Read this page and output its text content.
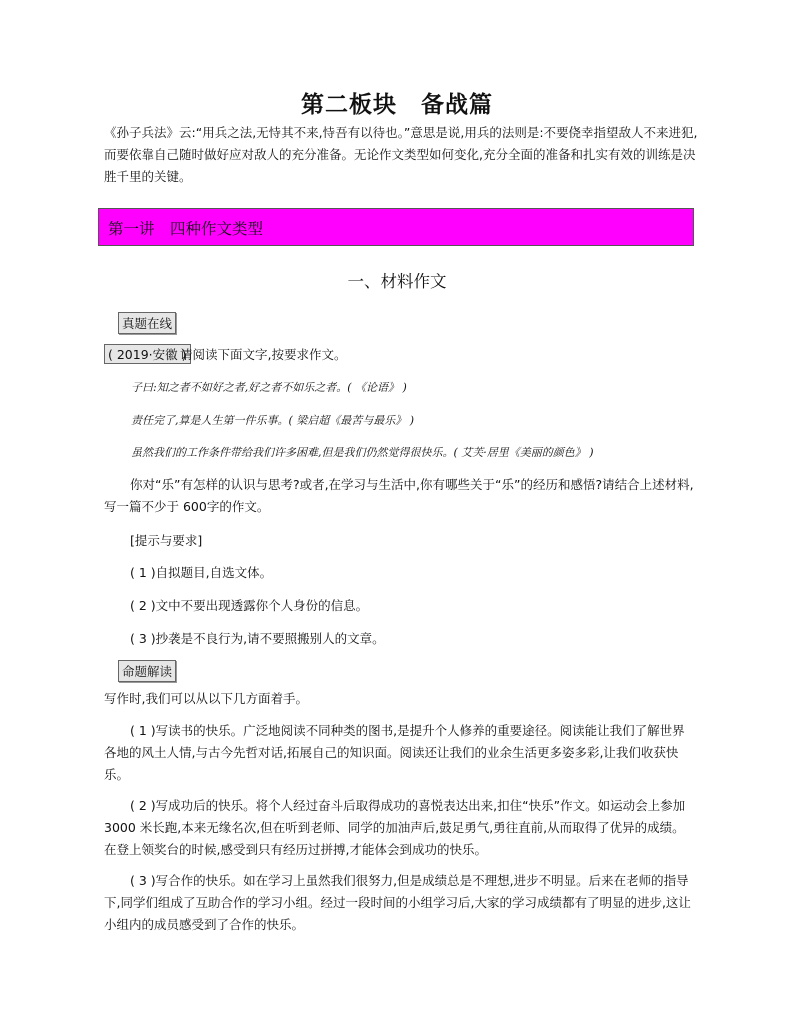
第二板块　备战篇
《孙子兵法》云:“用兵之法,无恃其不来,恃吾有以待也。”意思是说,用兵的法则是:不要侥幸指望敌人不来进犯,而要依靠自己随时做好应对敌人的充分准备。无论作文类型如何变化,充分全面的准备和扎实有效的训练是决胜千里的关键。
第一讲　四种作文类型
一、材料作文
真题在线
( 2019·安徽 )
请阅读下面文字,按要求作文。
子曰:知之者不如好之者,好之者不如乐之者。( 《论语》 )
责任完了,算是人生第一件乐事。( 梁启超《最苦与最乐》 )
虽然我们的工作条件带给我们许多困难,但是我们仍然觉得很快乐。( 艾芙·居里《美丽的颜色》 )
你对“乐”有怎样的认识与思考?或者,在学习与生活中,你有哪些关于“乐”的经历和感悟?请结合上述材料,写一篇不少于 600字的作文。
[提示与要求]
( 1 )自拟题目,自选文体。
( 2 )文中不要出现透露你个人身份的信息。
( 3 )抄袭是不良行为,请不要照搬别人的文章。
命题解读
写作时,我们可以从以下几方面着手。
( 1 )写读书的快乐。广泛地阅读不同种类的图书,是提升个人修养的重要途径。阅读能让我们了解世界各地的风土人情,与古今先哲对话,拓展自己的知识面。阅读还让我们的业余生活更多姿多彩,让我们收获快乐。
( 2 )写成功后的快乐。将个人经过奋斗后取得成功的喜悦表达出来,扣住“快乐”作文。如运动会上参加3000 米长跑,本来无缘名次,但在听到老师、同学的加油声后,鼓足勇气,勇往直前,从而取得了优异的成绩。在登上领奖台的时候,感受到只有经历过拼搏,才能体会到成功的快乐。
( 3 )写合作的快乐。如在学习上虽然我们很努力,但是成绩总是不理想,进步不明显。后来在老师的指导下,同学们组成了互助合作的学习小组。经过一段时间的小组学习后,大家的学习成绩都有了明显的进步,这让小组内的成员感受到了合作的快乐。
